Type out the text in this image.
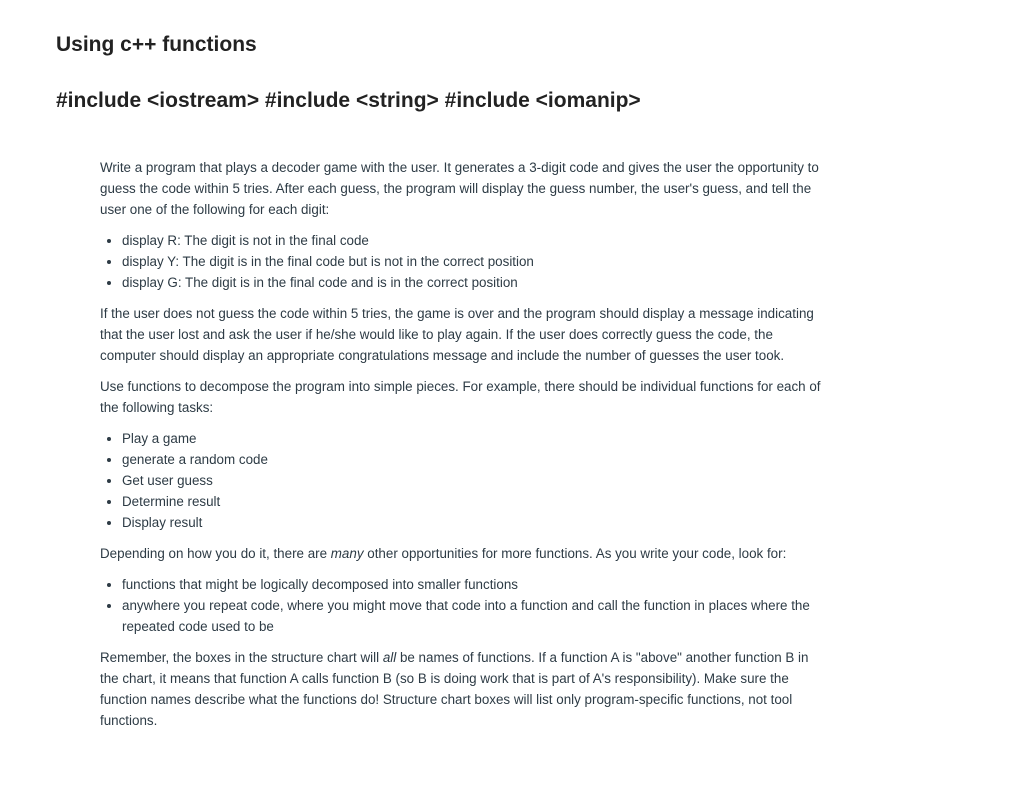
Using c++ functions
#include <iostream> #include <string> #include <iomanip>

Write a program that plays a decoder game with the user. It generates a 3-digit code and gives the user the opportunity to guess the code within 5 tries. After each guess, the program will display the guess number, the user's guess, and tell the user one of the following for each digit:

• display R: The digit is not in the final code
• display Y: The digit is in the final code but is not in the correct position
• display G: The digit is in the final code and is in the correct position

If the user does not guess the code within 5 tries, the game is over and the program should display a message indicating that the user lost and ask the user if he/she would like to play again. If the user does correctly guess the code, the computer should display an appropriate congratulations message and include the number of guesses the user took.

Use functions to decompose the program into simple pieces. For example, there should be individual functions for each of the following tasks:

• Play a game
• generate a random code
• Get user guess
• Determine result
• Display result

Depending on how you do it, there are many other opportunities for more functions. As you write your code, look for:

• functions that might be logically decomposed into smaller functions
• anywhere you repeat code, where you might move that code into a function and call the function in places where the repeated code used to be

Remember, the boxes in the structure chart will all be names of functions. If a function A is "above" another function B in the chart, it means that function A calls function B (so B is doing work that is part of A's responsibility). Make sure the function names describe what the functions do! Structure chart boxes will list only program-specific functions, not tool functions.
